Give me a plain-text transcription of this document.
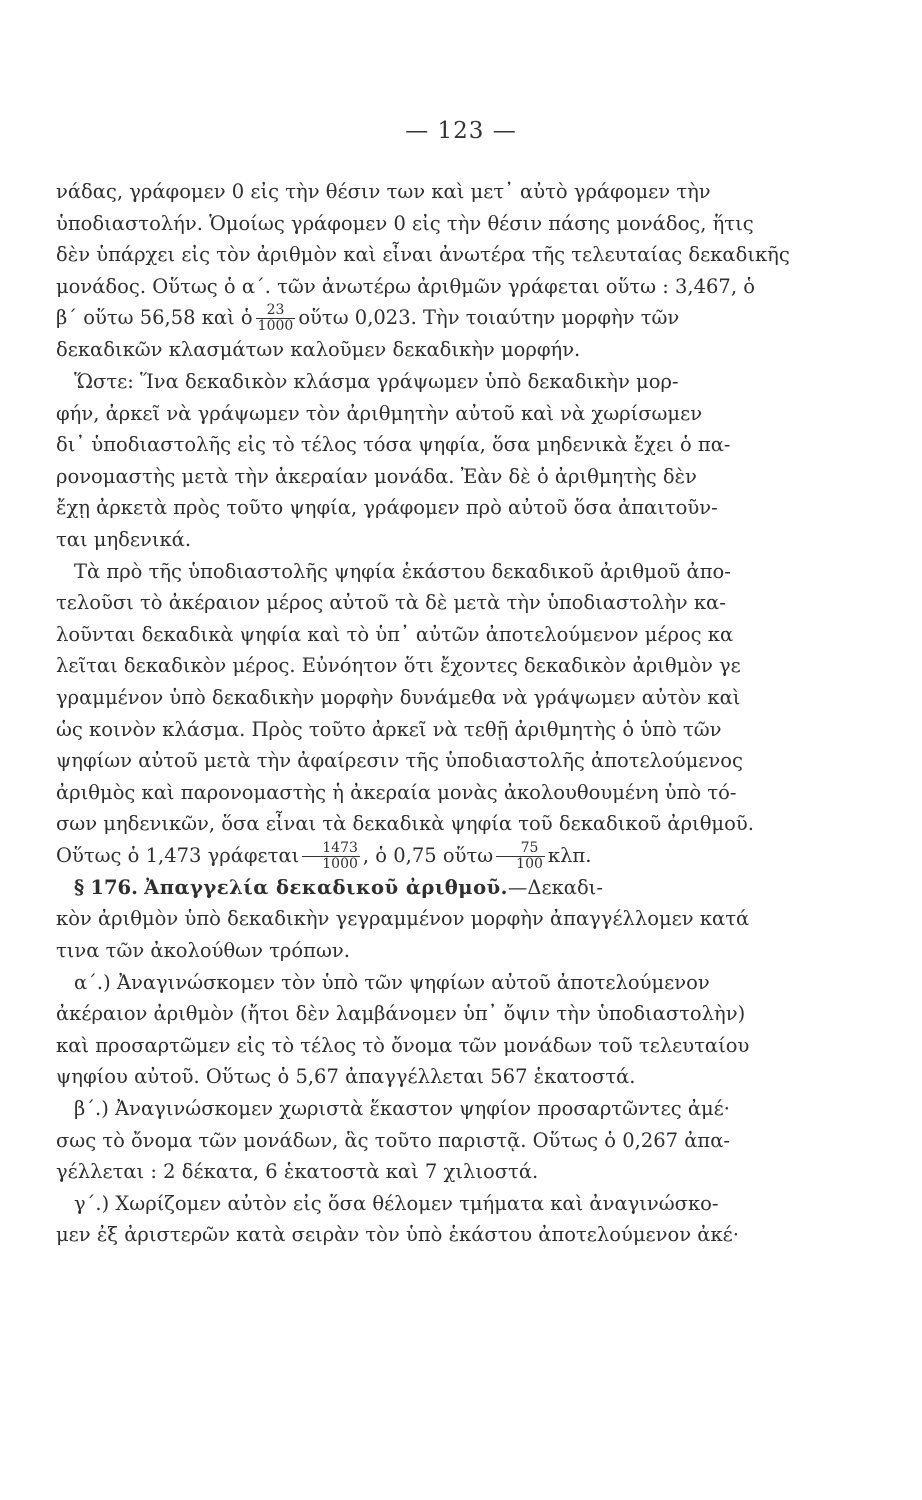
— 123 —

νάδας, γράφομεν 0 εἰς τὴν θέσιν των καὶ μετ᾽ αὐτὸ γράφομεν τὴν
ὑποδιαστολήν. Ὁμοίως γράφομεν 0 εἰς τὴν θέσιν πάσης μονάδος, ἥτις
δὲν ὑπάρχει εἰς τὸν ἀριθμὸν καὶ εἶναι ἀνωτέρα τῆς τελευταίας δεκαδικῆς
μονάδος. Οὕτως ὁ α΄. τῶν ἀνωτέρω ἀριθμῶν γράφεται οὕτω : 3,467, ὁ
β΄ οὕτω 56,58 καὶ ὁ $\frac{23}{1000}$ οὕτω 0,023. Τὴν τοιαύτην μορφὴν τῶν
δεκαδικῶν κλασμάτων καλοῦμεν δεκαδικὴν μορφήν.

Ὥστε: Ἵνα δεκαδικὸν κλάσμα γράψωμεν ὑπὸ δεκαδικὴν μορ-
φήν, ἀρκεῖ νὰ γράψωμεν τὸν ἀριθμητὴν αὐτοῦ καὶ νὰ χωρίσωμεν
δι᾽ ὑποδιαστολῆς εἰς τὸ τέλος τόσα ψηφία, ὅσα μηδενικὰ ἔχει ὁ πα-
ρονομαστὴς μετὰ τὴν ἀκεραίαν μονάδα. Ἐὰν δὲ ὁ ἀριθμητὴς δὲν
ἔχῃ ἀρκετὰ πρὸς τοῦτο ψηφία, γράφομεν πρὸ αὐτοῦ ὅσα ἀπαιτοῦν-
ται μηδενικά.

Τὰ πρὸ τῆς ὑποδιαστολῆς ψηφία ἑκάστου δεκαδικοῦ ἀριθμοῦ ἀπο-
τελοῦσι τὸ ἀκέραιον μέρος αὐτοῦ τὰ δὲ μετὰ τὴν ὑποδιαστολὴν κα-
λοῦνται δεκαδικὰ ψηφία καὶ τὸ ὑπ᾽ αὐτῶν ἀποτελούμενον μέρος κα
λεῖται δεκαδικὸν μέρος. Εὐνόητον ὅτι ἔχοντες δεκαδικὸν ἀριθμὸν γε
γραμμένον ὑπὸ δεκαδικὴν μορφὴν δυνάμεθα νὰ γράψωμεν αὐτὸν καὶ
ὡς κοινὸν κλάσμα. Πρὸς τοῦτο ἀρκεῖ νὰ τεθῇ ἀριθμητὴς ὁ ὑπὸ τῶν
ψηφίων αὐτοῦ μετὰ τὴν ἀφαίρεσιν τῆς ὑποδιαστολῆς ἀποτελούμενος
ἀριθμὸς καὶ παρονομαστὴς ἡ ἀκεραία μονὰς ἀκολουθουμένη ὑπὸ τό-
σων μηδενικῶν, ὅσα εἶναι τὰ δεκαδικὰ ψηφία τοῦ δεκαδικοῦ ἀριθμοῦ.
Οὕτως ὁ 1,473 γράφεται $\frac{1473}{1000}$ , ὁ 0,75 οὕτω $\frac{75}{100} \kappa\lambda\pi$.

§ 176. Ἀπαγγελία δεκαδικοῦ ἀριθμοῦ.—Δεκαδι-
κὸν ἀριθμὸν ὑπὸ δεκαδικὴν γεγραμμένον μορφὴν ἀπαγγέλλομεν κατά
τινα τῶν ἀκολούθων τρόπων.

α΄.) Ἀναγινώσκομεν τὸν ὑπὸ τῶν ψηφίων αὐτοῦ ἀποτελούμενον
ἀκέραιον ἀριθμὸν (ἤτοι δὲν λαμβάνομεν ὑπ᾽ ὄψιν τὴν ὑποδιαστολὴν)
καὶ προσαρτῶμεν εἰς τὸ τέλος τὸ ὄνομα τῶν μονάδων τοῦ τελευταίου
ψηφίου αὐτοῦ. Οὕτως ὁ 5,67 ἀπαγγέλλεται 567 ἑκατοστά.

β΄.) Ἀναγινώσκομεν χωριστὰ ἕκαστον ψηφίον προσαρτῶντες ἀμέ·
σως τὸ ὄνομα τῶν μονάδων, ἃς τοῦτο παριστᾷ. Οὕτως ὁ 0,267 ἀπα-
γέλλεται : 2 δέκατα, 6 ἑκατοστὰ καὶ 7 χιλιοστά.

γ΄.) Χωρίζομεν αὐτὸν εἰς ὅσα θέλομεν τμήματα καὶ ἀναγινώσκο-
μεν ἐξ ἀριστερῶν κατὰ σειρὰν τὸν ὑπὸ ἑκάστου ἀποτελούμενον ἀκέ·
